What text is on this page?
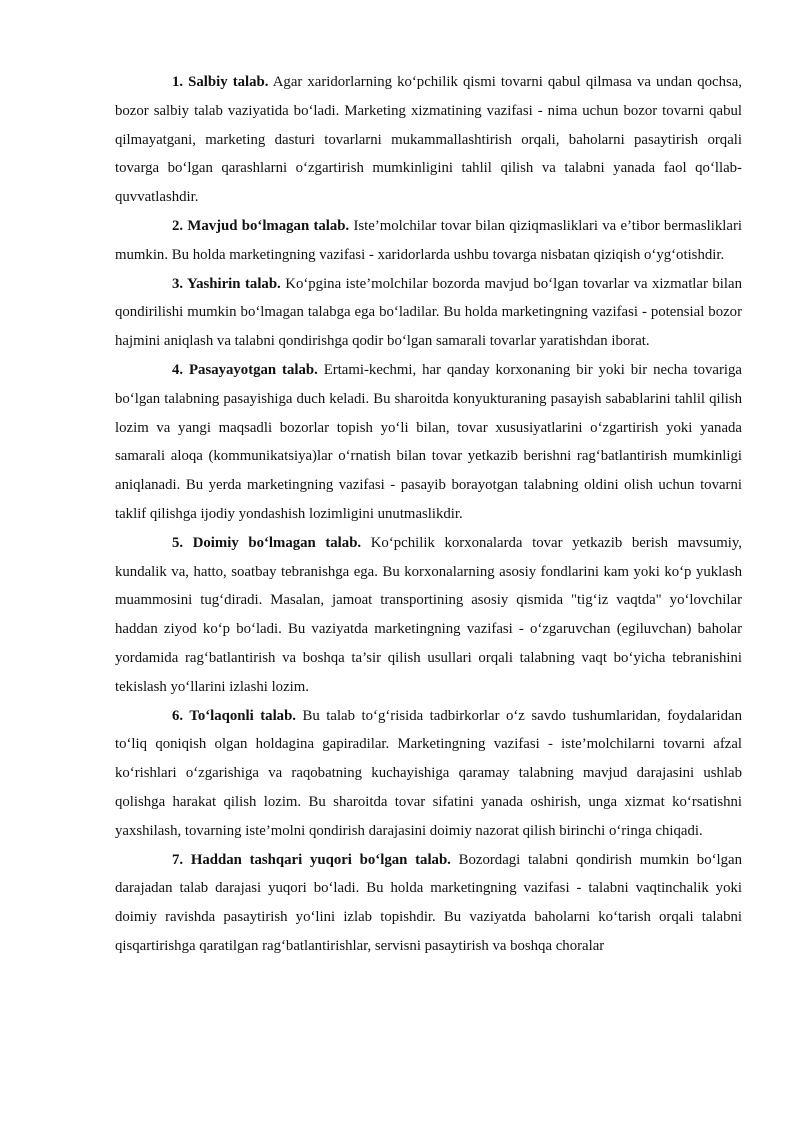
1. Salbiy talab. Agar xaridorlarning ko‘pchilik qismi tovarni qabul qilmasa va undan qochsa, bozor salbiy talab vaziyatida bo‘ladi. Marketing xizmatining vazifasi - nima uchun bozor tovarni qabul qilmayatgani, marketing dasturi tovarlarni mukammallashtirish orqali, baholarni pasaytirish orqali tovarga bo‘lgan qarashlarni o‘zgartirish mumkinligini tahlil qilish va talabni yanada faol qo‘llab-quvvatlashdir.

2. Mavjud bo‘lmagan talab. Iste’molchilar tovar bilan qiziqmasliklari va e’tibor bermasliklari mumkin. Bu holda marketingning vazifasi - xaridorlarda ushbu tovarga nisbatan qiziqish o‘yg‘otishdir.

3. Yashirin talab. Ko‘pgina iste’molchilar bozorda mavjud bo‘lgan tovarlar va xizmatlar bilan qondirilishi mumkin bo‘lmagan talabga ega bo‘ladilar. Bu holda marketingning vazifasi - potensial bozor hajmini aniqlash va talabni qondirishga qodir bo‘lgan samarali tovarlar yaratishdan iborat.

4. Pasayayotgan talab. Ertami-kechmi, har qanday korxonaning bir yoki bir necha tovariga bo‘lgan talabning pasayishiga duch keladi. Bu sharoitda konyukturaning pasayish sabablarini tahlil qilish lozim va yangi maqsadli bozorlar topish yo‘li bilan, tovar xususiyatlarini o‘zgartirish yoki yanada samarali aloqa (kommunikatsiya)lar o‘rnatish bilan tovar yetkazib berishni rag‘batlantirish mumkinligi aniqlanadi. Bu yerda marketingning vazifasi - pasayib borayotgan talabning oldini olish uchun tovarni taklif qilishga ijodiy yondashish lozimligini unutmaslikdir.

5. Doimiy bo‘lmagan talab. Ko‘pchilik korxonalarda tovar yetkazib berish mavsumiy, kundalik va, hatto, soatbay tebranishga ega. Bu korxonalarning asosiy fondlarini kam yoki ko‘p yuklash muammosini tug‘diradi. Masalan, jamoat transportining asosiy qismida "tig‘iz vaqtda" yo‘lovchilar haddan ziyod ko‘p bo‘ladi. Bu vaziyatda marketingning vazifasi - o‘zgaruvchan (egiluvchan) baholar yordamida rag‘batlantirish va boshqa ta’sir qilish usullari orqali talabning vaqt bo‘yicha tebranishini tekislash yo‘llarini izlashi lozim.

6. To‘laqonli talab. Bu talab to‘g‘risida tadbirkorlar o‘z savdo tushumlaridan, foydalaridan to‘liq qoniqish olgan holdagina gapiradilar. Marketingning vazifasi - iste’molchilarni tovarni afzal ko‘rishlari o‘zgarishiga va raqobatning kuchayishiga qaramay talabning mavjud darajasini ushlab qolishga harakat qilish lozim. Bu sharoitda tovar sifatini yanada oshirish, unga xizmat ko‘rsatishni yaxshilash, tovarning iste’molni qondirish darajasini doimiy nazorat qilish birinchi o‘ringa chiqadi.

7. Haddan tashqari yuqori bo‘lgan talab. Bozordagi talabni qondirish mumkin bo‘lgan darajadan talab darajasi yuqori bo‘ladi. Bu holda marketingning vazifasi - talabni vaqtinchalik yoki doimiy ravishda pasaytirish yo‘lini izlab topishdir. Bu vaziyatda baholarni ko‘tarish orqali talabni qisqartirishga qaratilgan rag‘batlantirishlar, servisni pasaytirish va boshqa choralar
